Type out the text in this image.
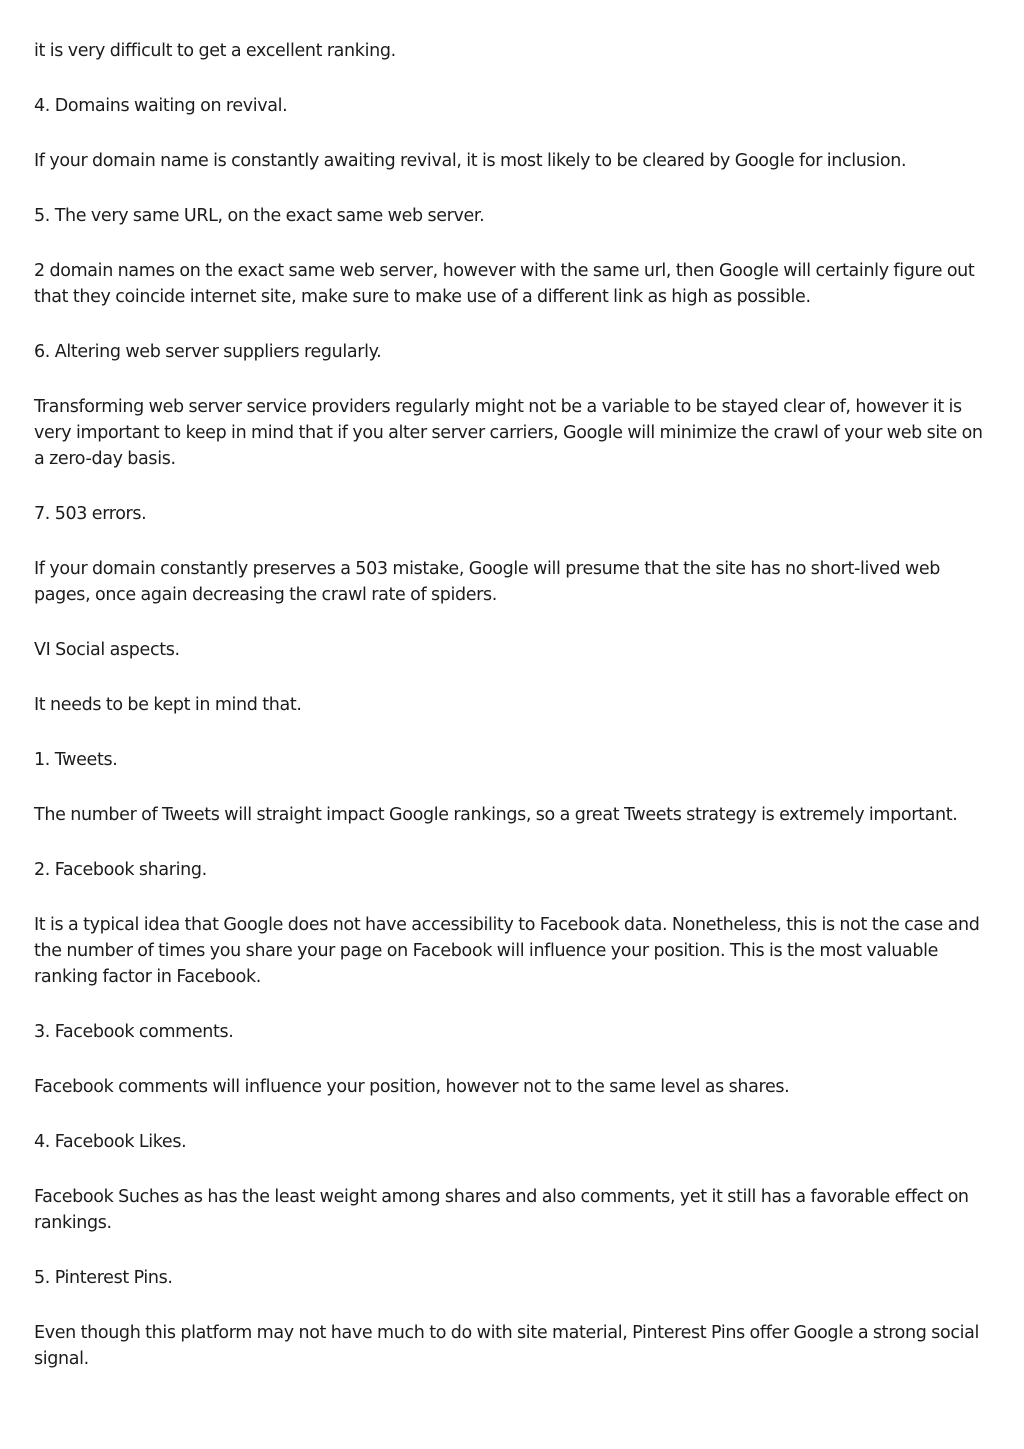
it is very difficult to get a excellent ranking.

4. Domains waiting on revival.

If your domain name is constantly awaiting revival, it is most likely to be cleared by Google for inclusion.

5. The very same URL, on the exact same web server.

2 domain names on the exact same web server, however with the same url, then Google will certainly figure out that they coincide internet site, make sure to make use of a different link as high as possible.

6. Altering web server suppliers regularly.

Transforming web server service providers regularly might not be a variable to be stayed clear of, however it is very important to keep in mind that if you alter server carriers, Google will minimize the crawl of your web site on a zero-day basis.

7. 503 errors.

If your domain constantly preserves a 503 mistake, Google will presume that the site has no short-lived web pages, once again decreasing the crawl rate of spiders.

VI Social aspects.

It needs to be kept in mind that.

1. Tweets.

The number of Tweets will straight impact Google rankings, so a great Tweets strategy is extremely important.

2. Facebook sharing.

It is a typical idea that Google does not have accessibility to Facebook data. Nonetheless, this is not the case and the number of times you share your page on Facebook will influence your position. This is the most valuable ranking factor in Facebook.

3. Facebook comments.

Facebook comments will influence your position, however not to the same level as shares.

4. Facebook Likes.

Facebook Suches as has the least weight among shares and also comments, yet it still has a favorable effect on rankings.

5. Pinterest Pins.

Even though this platform may not have much to do with site material, Pinterest Pins offer Google a strong social signal.
